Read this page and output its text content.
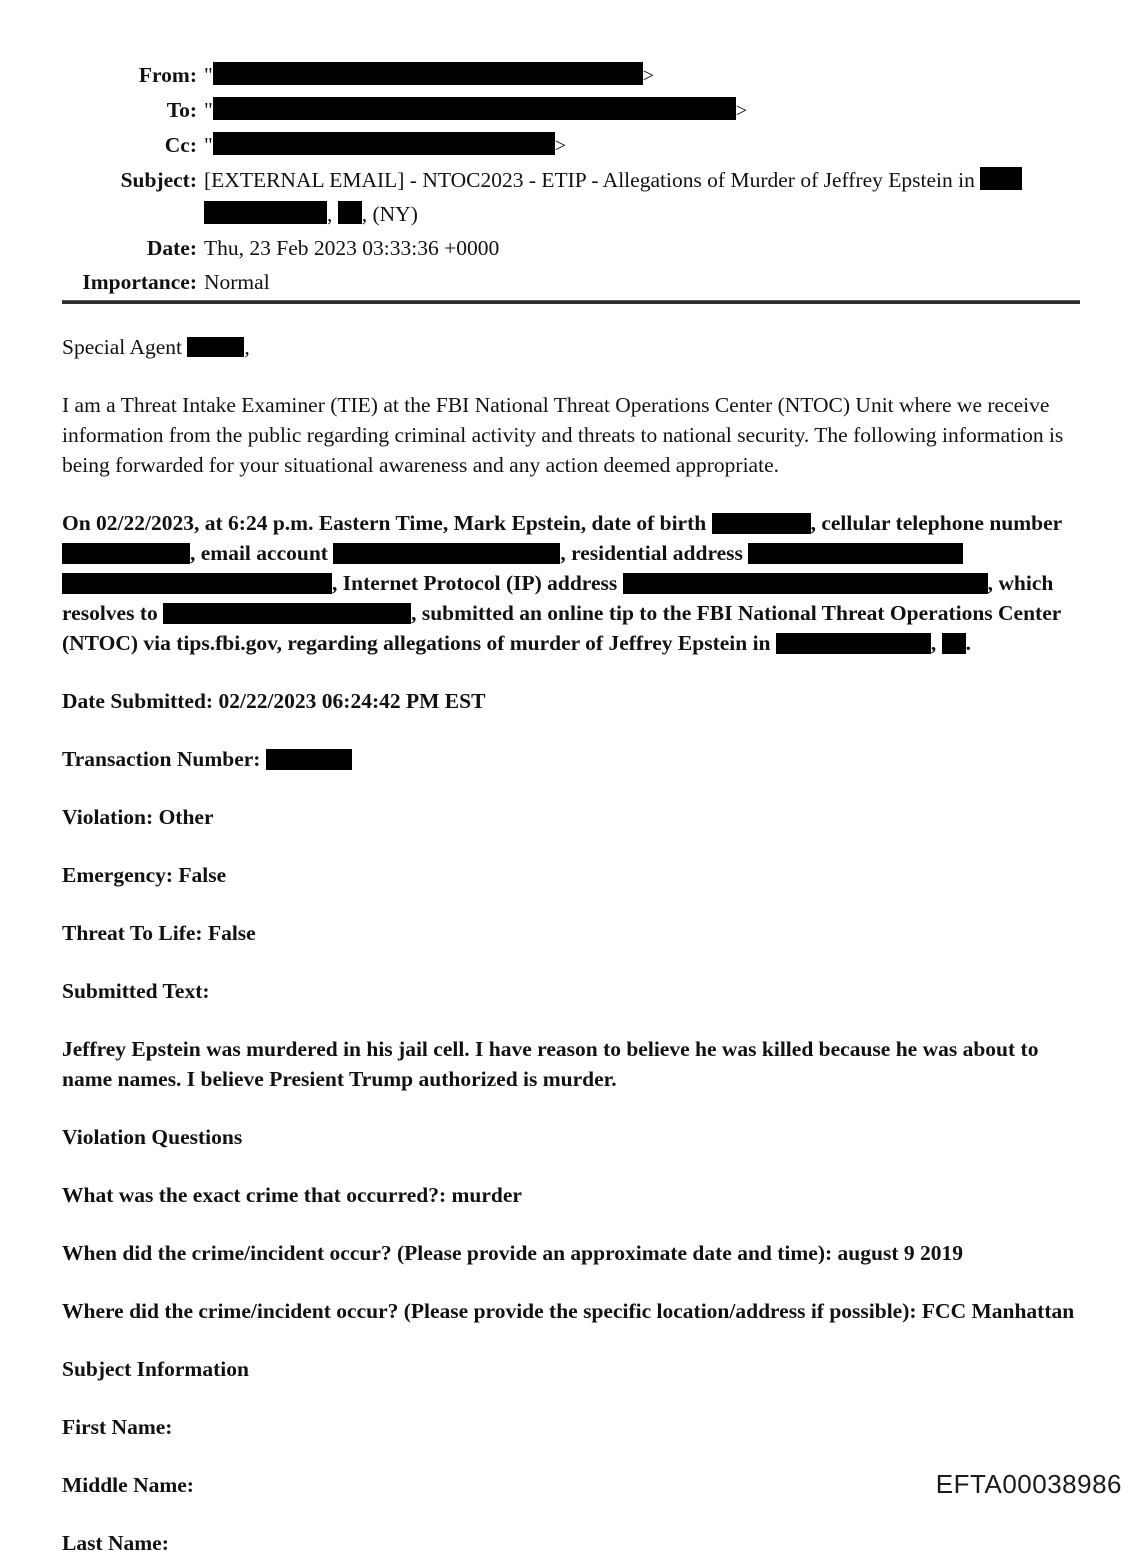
From: "	>
To: "	>
Cc: "	>
Subject: [EXTERNAL EMAIL] - NTOC2023 - ETIP - Allegations of Murder of Jeffrey Epstein in  , , (NY)
Date: Thu, 23 Feb 2023 03:33:36 +0000
Importance: Normal

Special Agent	,

I am a Threat Intake Examiner (TIE) at the FBI National Threat Operations Center (NTOC) Unit where we receive information from the public regarding criminal activity and threats to national security. The following information is being forwarded for your situational awareness and any action deemed appropriate.

On 02/22/2023, at 6:24 p.m. Eastern Time, Mark Epstein, date of birth	, cellular telephone number , email account	, residential address  , Internet Protocol (IP) address	, which resolves to	, submitted an online tip to the FBI National Threat Operations Center (NTOC) via tips.fbi.gov, regarding allegations of murder of Jeffrey Epstein in	, .

Date Submitted: 02/22/2023 06:24:42 PM EST

Transaction Number:

Violation: Other

Emergency: False

Threat To Life: False

Submitted Text:

Jeffrey Epstein was murdered in his jail cell. I have reason to believe he was killed because he was about to name names. I believe Presient Trump authorized is murder.

Violation Questions

What was the exact crime that occurred?: murder

When did the crime/incident occur? (Please provide an approximate date and time): august 9 2019

Where did the crime/incident occur? (Please provide the specific location/address if possible): FCC Manhattan

Subject Information

First Name:

Middle Name:

Last Name:

EFTA00038986
